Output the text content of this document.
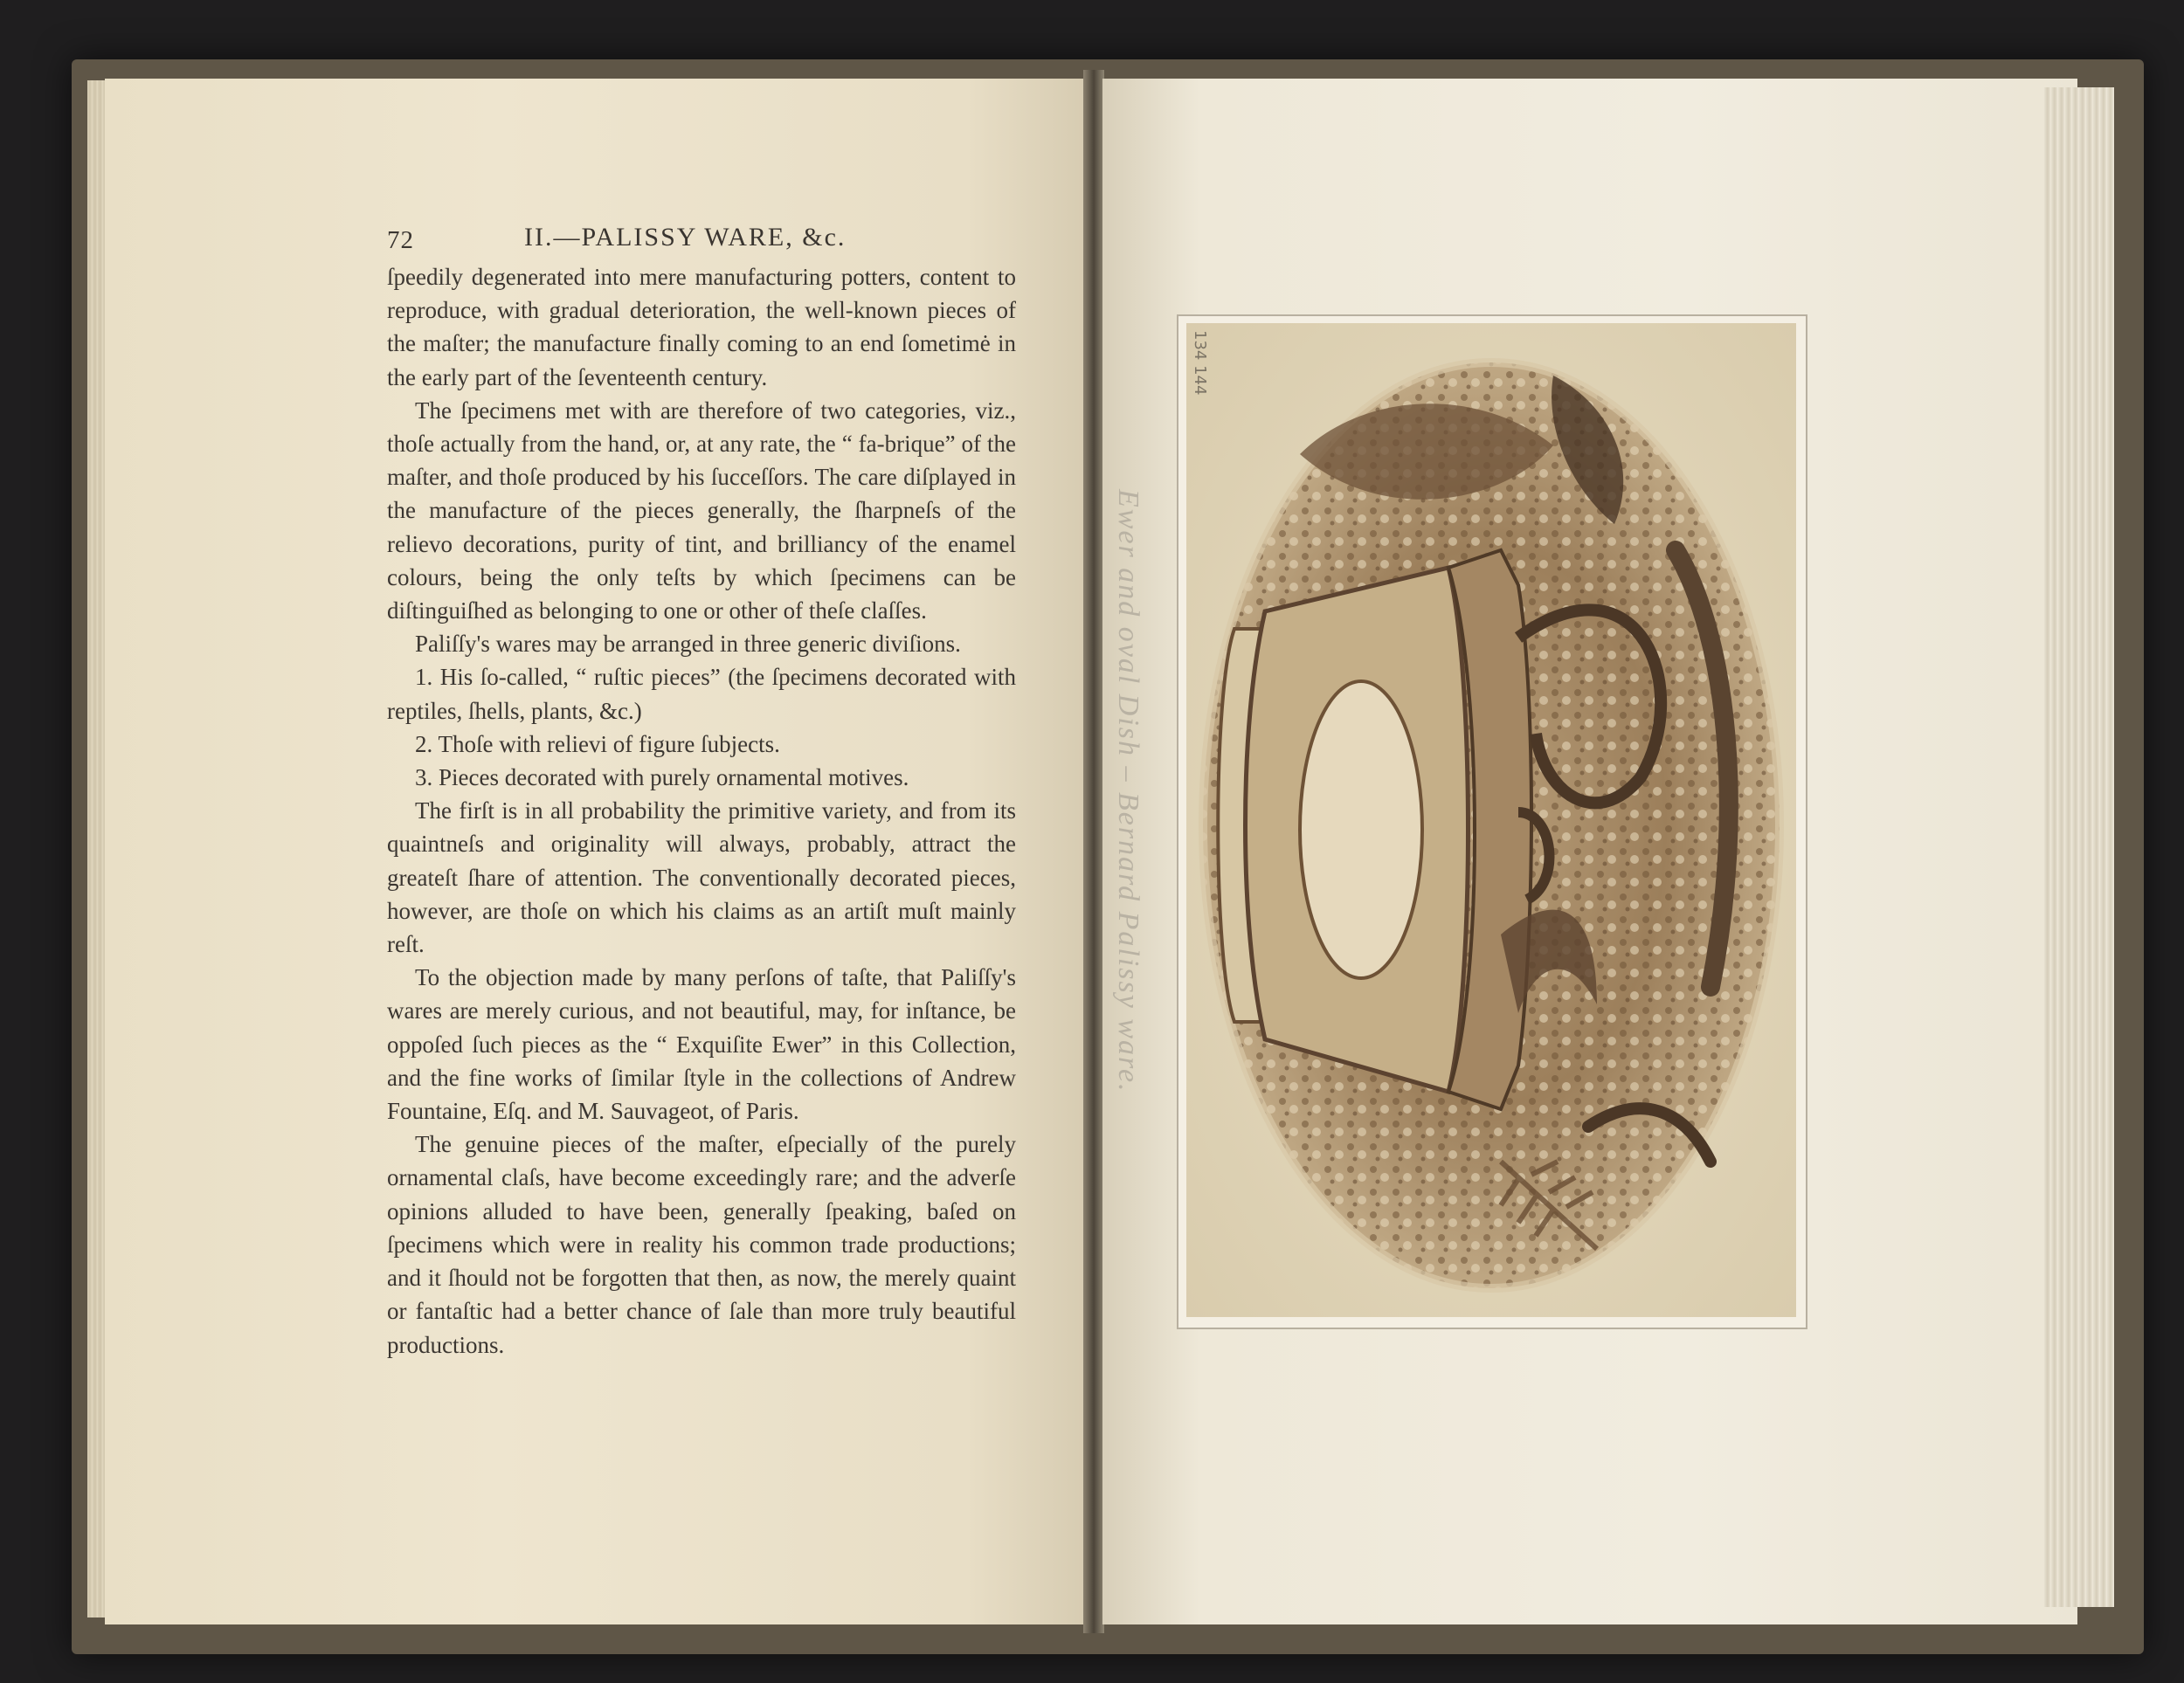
72	II.—PALISSY WARE, &c.

ſpeedily degenerated into mere manufacturing potters, content to reproduce, with gradual deterioration, the well-known pieces of the maſter; the manufacture finally coming to an end ſometimė in the early part of the ſeventeenth century.

The ſpecimens met with are therefore of two categories, viz., thoſe actually from the hand, or, at any rate, the “ fa-brique” of the maſter, and thoſe produced by his ſucceſſors. The care diſplayed in the manufacture of the pieces generally, the ſharpneſs of the relievo decorations, purity of tint, and brilliancy of the enamel colours, being the only teſts by which ſpecimens can be diſtinguiſhed as belonging to one or other of theſe claſſes.

Paliſſy's wares may be arranged in three generic diviſions.

1. His ſo-called, “ ruſtic pieces” (the ſpecimens decorated with reptiles, ſhells, plants, &c.)

2. Thoſe with relievi of figure ſubjects.

3. Pieces decorated with purely ornamental motives.

The firſt is in all probability the primitive variety, and from its quaintneſs and originality will always, probably, attract the greateſt ſhare of attention. The conventionally decorated pieces, however, are thoſe on which his claims as an artiſt muſt mainly reſt.

To the objection made by many perſons of taſte, that Paliſſy's wares are merely curious, and not beautiful, may, for inſtance, be oppoſed ſuch pieces as the “ Exquiſite Ewer” in this Collection, and the fine works of ſimilar ſtyle in the collections of Andrew Fountaine, Eſq. and M. Sauvageot, of Paris.

The genuine pieces of the maſter, eſpecially of the purely ornamental claſs, have become exceedingly rare; and the adverſe opinions alluded to have been, generally ſpeaking, baſed on ſpecimens which were in reality his common trade productions; and it ſhould not be forgotten that then, as now, the merely quaint or fantaſtic had a better chance of ſale than more truly beautiful productions.

134 144
Ewer and oval Dish – Bernard Palissy ware.
